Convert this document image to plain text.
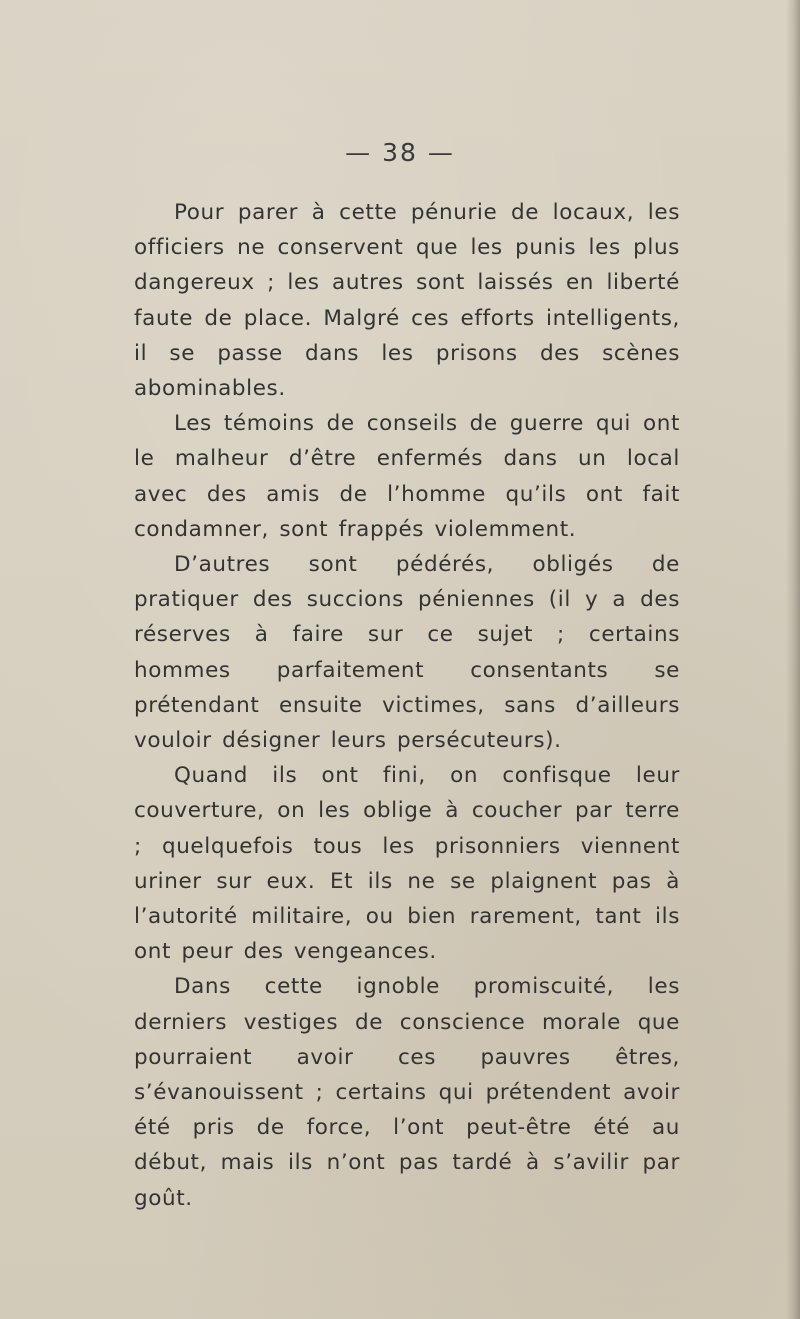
— 38 —

Pour parer à cette pénurie de locaux, les officiers ne conservent que les punis les plus dangereux ; les autres sont laissés en liberté faute de place. Malgré ces efforts intelligents, il se passe dans les prisons des scènes abominables.

Les témoins de conseils de guerre qui ont le malheur d’être enfermés dans un local avec des amis de l’homme qu’ils ont fait condamner, sont frappés violemment.

D’autres sont pédérés, obligés de pratiquer des succions péniennes (il y a des réserves à faire sur ce sujet ; certains hommes parfaitement consentants se prétendant ensuite victimes, sans d’ailleurs vouloir désigner leurs persécuteurs).

Quand ils ont fini, on confisque leur couverture, on les oblige à coucher par terre ; quelquefois tous les prisonniers viennent uriner sur eux. Et ils ne se plaignent pas à l’autorité militaire, ou bien rarement, tant ils ont peur des vengeances.

Dans cette ignoble promiscuité, les derniers vestiges de conscience morale que pourraient avoir ces pauvres êtres, s’évanouissent ; certains qui prétendent avoir été pris de force, l’ont peut-être été au début, mais ils n’ont pas tardé à s’avilir par goût.
